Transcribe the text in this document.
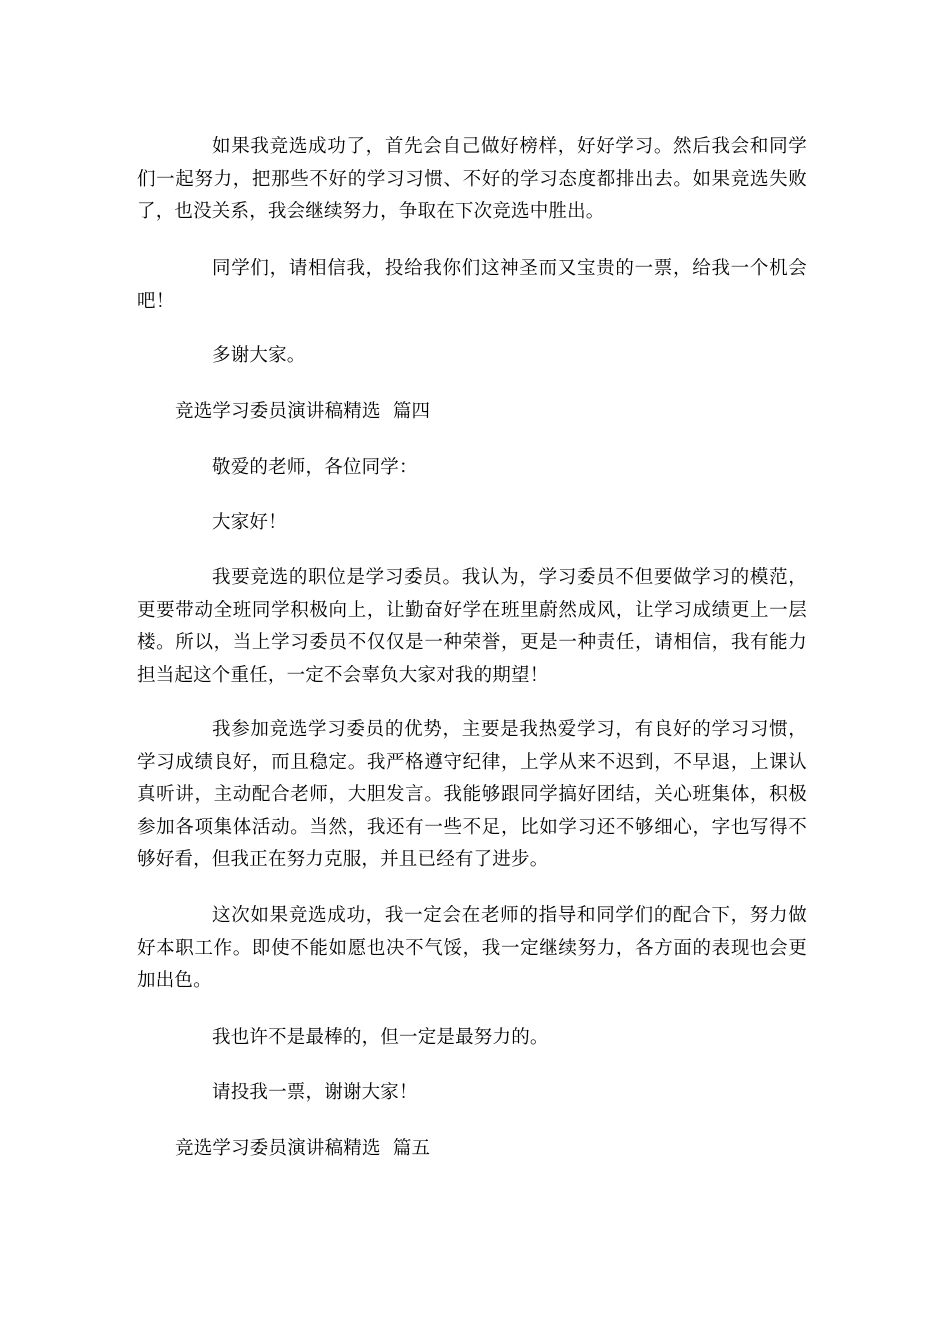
如果我竞选成功了，首先会自己做好榜样，好好学习。然后我会和同学们一起努力，把那些不好的学习习惯、不好的学习态度都排出去。如果竞选失败了，也没关系，我会继续努力，争取在下次竞选中胜出。

同学们，请相信我，投给我你们这神圣而又宝贵的一票，给我一个机会吧！

多谢大家。

竞选学习委员演讲稿精选  篇四

敬爱的老师，各位同学：

大家好！

我要竞选的职位是学习委员。我认为，学习委员不但要做学习的模范，更要带动全班同学积极向上，让勤奋好学在班里蔚然成风，让学习成绩更上一层楼。所以，当上学习委员不仅仅是一种荣誉，更是一种责任，请相信，我有能力担当起这个重任，一定不会辜负大家对我的期望！

我参加竞选学习委员的优势，主要是我热爱学习，有良好的学习习惯，学习成绩良好，而且稳定。我严格遵守纪律，上学从来不迟到，不早退，上课认真听讲，主动配合老师，大胆发言。我能够跟同学搞好团结，关心班集体，积极参加各项集体活动。当然，我还有一些不足，比如学习还不够细心，字也写得不够好看，但我正在努力克服，并且已经有了进步。

这次如果竞选成功，我一定会在老师的指导和同学们的配合下，努力做好本职工作。即使不能如愿也决不气馁，我一定继续努力，各方面的表现也会更加出色。

我也许不是最棒的，但一定是最努力的。

请投我一票，谢谢大家！

竞选学习委员演讲稿精选  篇五
